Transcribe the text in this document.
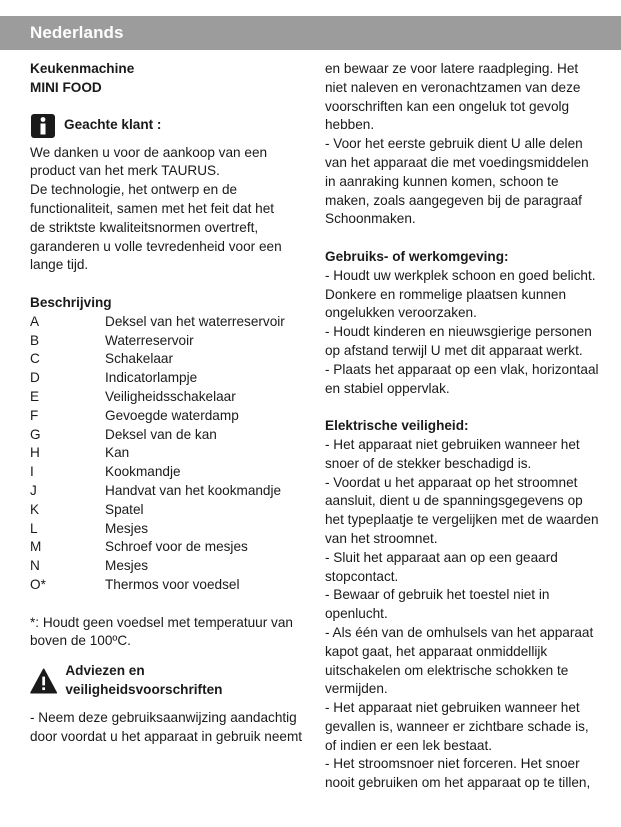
Nederlands
Keukenmachine
MINI FOOD
Geachte klant :
We danken u voor de aankoop van een
product van het merk TAURUS.
De technologie, het ontwerp en de
functionaliteit, samen met het feit dat het
de striktste kwaliteitsnormen overtreft,
garanderen u volle tevredenheid voor een
lange tijd.
Beschrijving
A	Deksel van het waterreservoir
B	Waterreservoir
C	Schakelaar
D	Indicatorlampje
E	Veiligheidsschakelaar
F	Gevoegde waterdamp
G	Deksel van de kan
H	Kan
I	Kookmandje
J	Handvat van het kookmandje
K	Spatel
L	Mesjes
M	Schroef voor de mesjes
N	Mesjes
O*	Thermos voor voedsel
*: Houdt geen voedsel met temperatuur van
boven de 100ºC.
Adviezen en veiligheidsvoorschriften
- Neem deze gebruiksaanwijzing aandachtig
door voordat u het apparaat in gebruik neemt
en bewaar ze voor latere raadpleging. Het
niet naleven en veronachtzamen van deze
voorschriften kan een ongeluk tot gevolg
hebben.
- Voor het eerste gebruik dient U alle delen
van het apparaat die met voedingsmiddelen
in aanraking kunnen komen, schoon te
maken, zoals aangegeven bij de paragraaf
Schoonmaken.
Gebruiks- of werkomgeving:
- Houdt uw werkplek schoon en goed belicht.
Donkere en rommelige plaatsen kunnen
ongelukken veroorzaken.
- Houdt kinderen en nieuwsgierige personen
op afstand terwijl U met dit apparaat werkt.
- Plaats het apparaat op een vlak, horizontaal
en stabiel oppervlak.
Elektrische veiligheid:
- Het apparaat niet gebruiken wanneer het
snoer of de stekker beschadigd is.
- Voordat u het apparaat op het stroomnet
aansluit, dient u de spanningsgegevens op
het typeplaatje te vergelijken met de waarden
van het stroomnet.
- Sluit het apparaat aan op een geaard
stopcontact.
- Bewaar of gebruik het toestel niet in
openlucht.
- Als één van de omhulsels van het apparaat
kapot gaat, het apparaat onmiddellijk
uitschakelen om elektrische schokken te
vermijden.
- Het apparaat niet gebruiken wanneer het
gevallen is, wanneer er zichtbare schade is,
of indien er een lek bestaat.
- Het stroomsnoer niet forceren. Het snoer
nooit gebruiken om het apparaat op te tillen,
